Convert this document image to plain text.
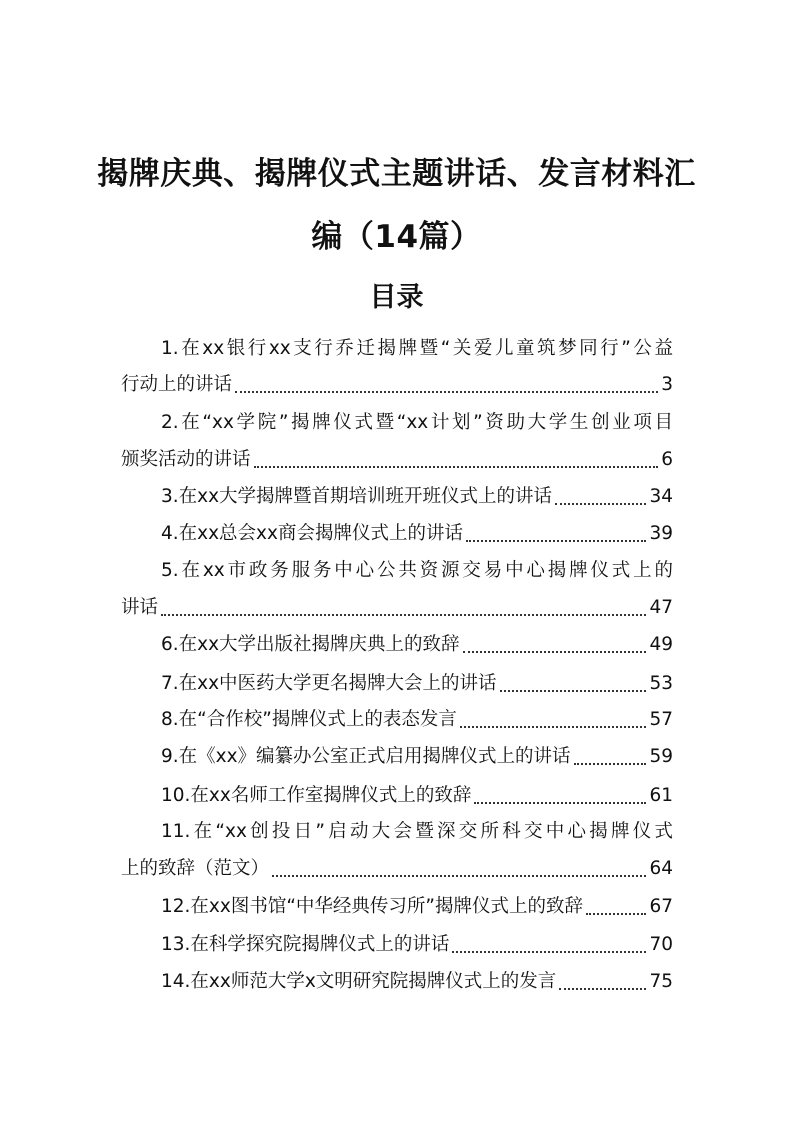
揭牌庆典、揭牌仪式主题讲话、发言材料汇
编（14篇）
目录
1.在xx银行xx支行乔迁揭牌暨“关爱儿童筑梦同行”公益
行动上的讲话	3
2.在“xx学院”揭牌仪式暨“xx计划”资助大学生创业项目
颁奖活动的讲话	6
3.在xx大学揭牌暨首期培训班开班仪式上的讲话	34
4.在xx总会xx商会揭牌仪式上的讲话	39
5.在xx市政务服务中心公共资源交易中心揭牌仪式上的
讲话	47
6.在xx大学出版社揭牌庆典上的致辞	49
7.在xx中医药大学更名揭牌大会上的讲话	53
8.在“合作校”揭牌仪式上的表态发言	57
9.在《xx》编纂办公室正式启用揭牌仪式上的讲话	59
10.在xx名师工作室揭牌仪式上的致辞	61
11.在“xx创投日”启动大会暨深交所科交中心揭牌仪式
上的致辞（范文）	64
12.在xx图书馆“中华经典传习所”揭牌仪式上的致辞	67
13.在科学探究院揭牌仪式上的讲话	70
14.在xx师范大学x文明研究院揭牌仪式上的发言	75
